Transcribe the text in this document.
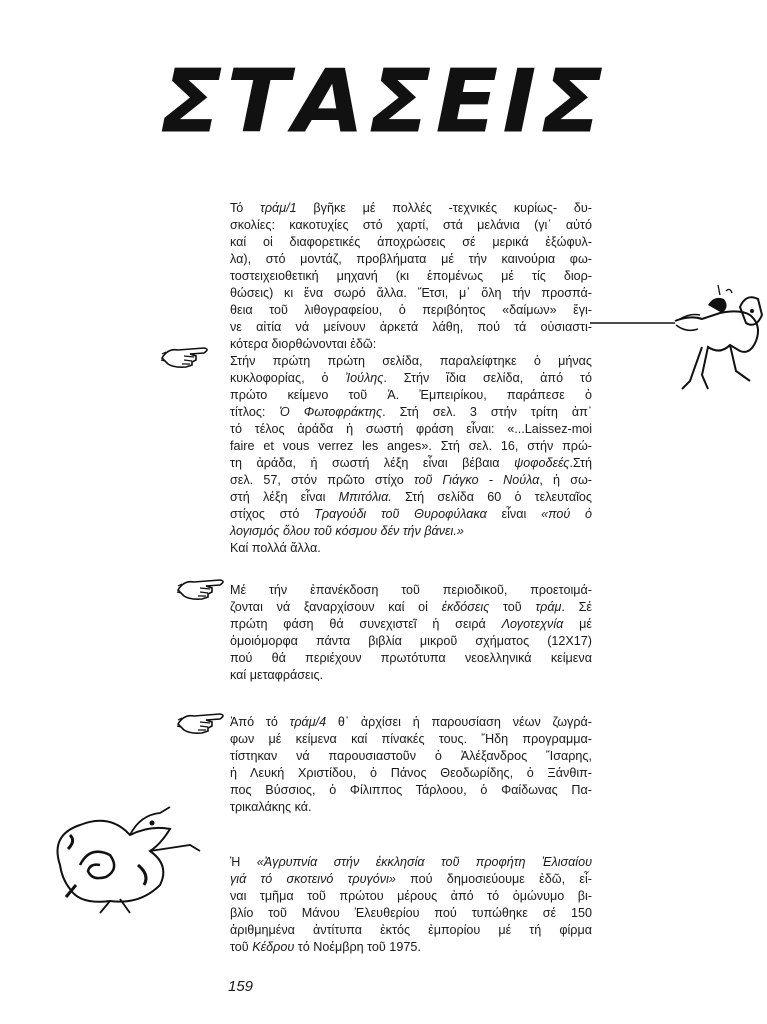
ΣΤΑΣΕΙΣ
Τό τράμ/1 βγῆκε μέ πολλές -τεχνικές κυρίως- δυ-
σκολίες: κακοτυχίες στό χαρτί, στά μελάνια (γι᾽ αὐτό
καί οἱ διαφορετικές ἀποχρώσεις σέ μερικά ἐξώφυλ-
λα), στό μοντάζ, προβλήματα μέ τήν καινούρια φω-
τοστειχειοθετική μηχανή (κι ἑπομένως μέ τίς διορ-
θώσεις) κι ἕνα σωρό ἄλλα. Ἔτσι, μ᾽ ὅλη τήν προσπά-
θεια τοῦ λιθογραφείου, ὁ περιβόητος «δαίμων» ἔγι-
νε αἰτία νά μείνουν ἀρκετά λάθη, πού τά οὐσιαστι-
κότερα διορθώνονται ἐδῶ:
Στήν πρώτη πρώτη σελίδα, παραλείφτηκε ὁ μήνας
κυκλοφορίας, ὁ Ἰούλης. Στήν ἴδια σελίδα, ἀπό τό
πρώτο κείμενο τοῦ Ἀ. Ἐμπειρίκου, παράπεσε ὁ
τίτλος: Ὁ Φωτοφράκτης. Στή σελ. 3 στήν τρίτη ἀπ᾽
τό τέλος ἀράδα ἡ σωστή φράση εἶναι: «...Laissez-moi
faire et vous verrez les anges». Στή σελ. 16, στήν πρώ-
τη ἀράδα, ἡ σωστή λέξη εἶναι βέβαια ψοφοδεές.Στή
σελ. 57, στόν πρῶτο στίχο τοῦ Γιάγκο - Νούλα, ἡ σω-
στή λέξη εἶναι Μπιτόλια. Στή σελίδα 60 ὁ τελευταῖος
στίχος στό Τραγούδι τοῦ Θυροφύλακα εἶναι «πού ὁ
λογισμός ὅλου τοῦ κόσμου δέν τήν βάνει.»
Καί πολλά ἄλλα.
Μέ τήν ἐπανέκδοση τοῦ περιοδικοῦ, προετοιμά-
ζονται νά ξαναρχίσουν καί οἱ ἐκδόσεις τοῦ τράμ. Σέ
πρώτη φάση θά συνεχιστεῖ ἡ σειρά Λογοτεχνία μέ
ὁμοιόμορφα πάντα βιβλία μικροῦ σχήματος (12Χ17)
πού θά περιέχουν πρωτότυπα νεοελληνικά κείμενα
καί μεταφράσεις.
Ἀπό τό τράμ/4 θ᾽ ἀρχίσει ἡ παρουσίαση νέων ζωγρά-
φων μέ κείμενα καί πίνακές τους. Ἤδη προγραμμα-
τίστηκαν νά παρουσιαστοῦν ὁ Ἀλέξανδρος Ἴσαρης,
ἡ Λευκή Χριστίδου, ὁ Πάνος Θεοδωρίδης, ὁ Ξάνθιπ-
πος Βύσσιος, ὁ Φίλιππος Τάρλοου, ὁ Φαίδωνας Πα-
τρικαλάκης κά.
Ἡ «Ἀγρυπνία στήν ἐκκλησία τοῦ προφήτη Ἐλισαίου
γιά τό σκοτεινό τρυγόνι» πού δημοσιεύουμε ἐδῶ, εἶ-
ναι τμῆμα τοῦ πρώτου μέρους ἀπό τό ὁμώνυμο βι-
βλίο τοῦ Μάνου Ἐλευθερίου πού τυπώθηκε σέ 150
ἀριθμημένα ἀντίτυπα ἐκτός ἐμπορίου μέ τή φίρμα
τοῦ Κέδρου τό Νοέμβρη τοῦ 1975.
159
